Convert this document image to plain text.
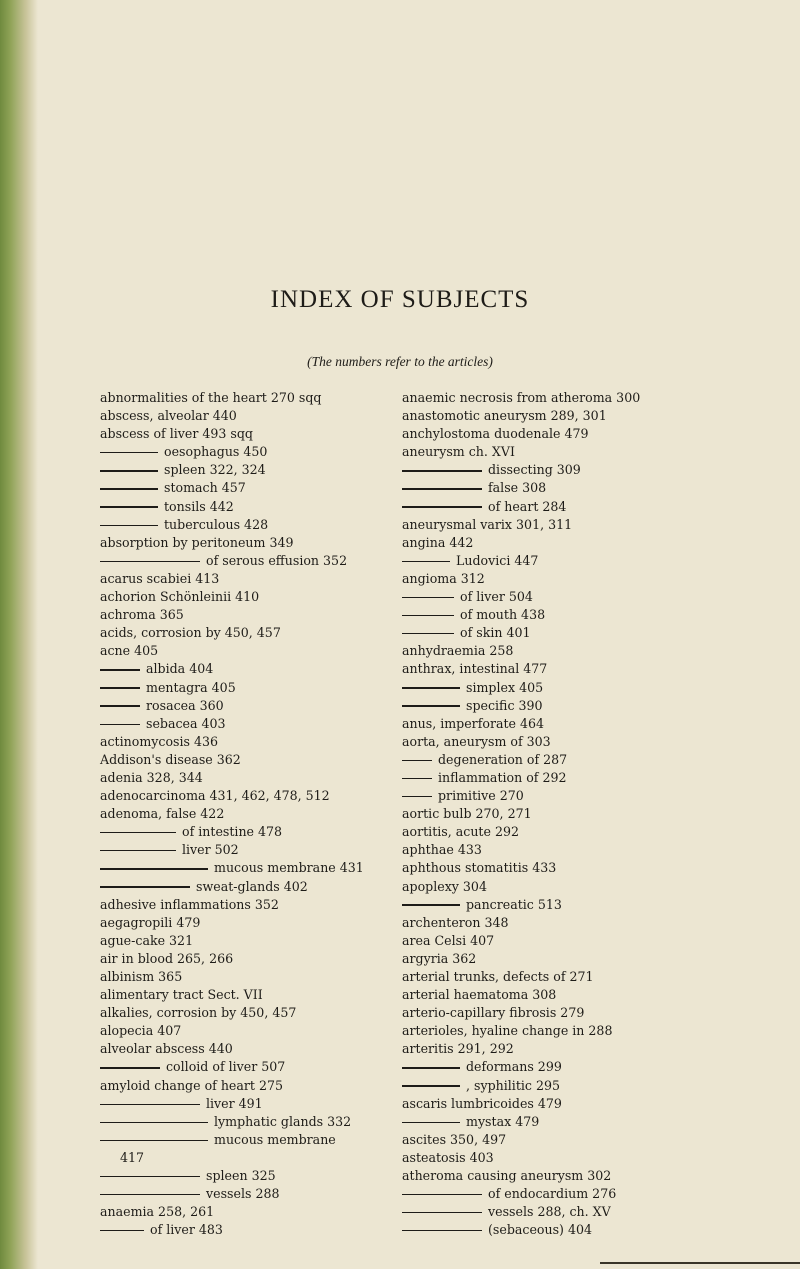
INDEX OF SUBJECTS

(The numbers refer to the articles)

abnormalities of the heart 270 sqq
abscess, alveolar 440
abscess of liver 493 sqq
oesophagus 450
spleen 322, 324
stomach 457
tonsils 442
tuberculous 428
absorption by peritoneum 349
of serous effusion 352
acarus scabiei 413
achorion Schönleinii 410
achroma 365
acids, corrosion by 450, 457
acne 405
albida 404
mentagra 405
rosacea 360
sebacea 403
actinomycosis 436
Addison's disease 362
adenia 328, 344
adenocarcinoma 431, 462, 478, 512
adenoma, false 422
of intestine 478
liver 502
mucous membrane 431
sweat-glands 402
adhesive inflammations 352
aegagropili 479
ague-cake 321
air in blood 265, 266
albinism 365
alimentary tract Sect. VII
alkalies, corrosion by 450, 457
alopecia 407
alveolar abscess 440
colloid of liver 507
amyloid change of heart 275
liver 491
lymphatic glands 332
mucous membrane
417
spleen 325
vessels 288
anaemia 258, 261
of liver 483
anaemic necrosis from atheroma 300
anastomotic aneurysm 289, 301
anchylostoma duodenale 479
aneurysm ch. XVI
dissecting 309
false 308
of heart 284
aneurysmal varix 301, 311
angina 442
Ludovici 447
angioma 312
of liver 504
of mouth 438
of skin 401
anhydraemia 258
anthrax, intestinal 477
simplex 405
specific 390
anus, imperforate 464
aorta, aneurysm of 303
degeneration of 287
inflammation of 292
primitive 270
aortic bulb 270, 271
aortitis, acute 292
aphthae 433
aphthous stomatitis 433
apoplexy 304
pancreatic 513
archenteron 348
area Celsi 407
argyria 362
arterial trunks, defects of 271
arterial haematoma 308
arterio-capillary fibrosis 279
arterioles, hyaline change in 288
arteritis 291, 292
deformans 299
, syphilitic 295
ascaris lumbricoides 479
mystax 479
ascites 350, 497
asteatosis 403
atheroma causing aneurysm 302
of endocardium 276
vessels 288, ch. XV
(sebaceous) 404
